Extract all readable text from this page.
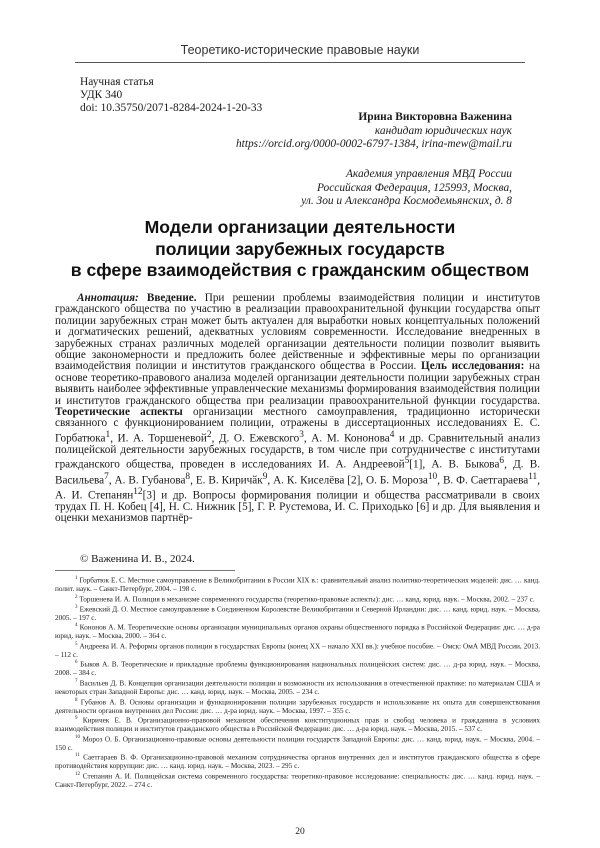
Теоретико-исторические правовые науки
Научная статья
УДК 340
doi: 10.35750/2071-8284-2024-1-20-33
Ирина Викторовна Важенина
кандидат юридических наук
https://orcid.org/0000-0002-6797-1384, irina-mew@mail.ru
Академия управления МВД России
Российская Федерация, 125993, Москва,
ул. Зои и Александра Космодемьянских, д. 8
Модели организации деятельности
полиции зарубежных государств
в сфере взаимодействия с гражданским обществом

Аннотация: Введение. При решении проблемы взаимодействия полиции и институтов гражданского общества по участию в реализации правоохранительной функции государства опыт полиции зарубежных стран может быть актуален для выработки новых концептуальных положений и догматических решений, адекватных условиям современности. Исследование внедренных в зарубежных странах различных моделей организации деятельности полиции позволит выявить общие закономерности и предложить более действенные и эффективные меры по организации взаимодействия полиции и институтов гражданского общества в России. Цель исследования: на основе теоретико-правового анализа моделей организации деятельности полиции зарубежных стран выявить наиболее эффективные управленческие механизмы формирования взаимодействия полиции и институтов гражданского общества при реализации правоохранительной функции государства. Теоретические аспекты организации местного самоуправления, традиционно исторически связанного с функционированием полиции, отражены в диссертационных исследованиях Е. С. Горбатюка$^1$, И. А. Торшеневой$^2$, Д. О. Ежевского$^3$, А. М. Кононова$^4$ и др. Сравнительный анализ полицейской деятельности зарубежных государств, в том числе при сотрудничестве с институтами гражданского общества, проведен в исследованиях И. А. Андреевой$^5$[1], А. В. Быкова$^6$, Д. В. Васильева$^7$, А. В. Губанова$^8$, Е. В. Киричӑк$^9$, А. К. Киселёва [2], О. Б. Мороза$^{10}$, В. Ф. Саетгараева$^{11}$, А. И. Степанян$^{12}$[3] и др. Вопросы формирования полиции и общества рассматривали в своих трудах П. Н. Кобец [4], Н. С. Нижник [5], Г. Р. Рустемова, И. С. Приходько [6] и др. Для выявления и оценки механизмов партнёр-

© Важенина И. В., 2024.

$^1$ Горбатюк Е. С. Местное самоуправление в Великобритании в России XIX в.: сравнительный анализ политико-теоретических моделей: дис. … канд. полит. наук. – Санкт-Петербург, 2004. – 198 с.

$^2$ Торшенева И. А. Полиция в механизме современного государства (теоретико-правовые аспекты): дис. … канд. юрид. наук. – Москва, 2002. – 237 с.

$^3$ Ежевский Д. О. Местное самоуправление в Соединенном Королевстве Великобритании и Северной Ирландии: дис. … канд. юрид. наук. – Москва, 2005. – 197 с.

$^4$ Кононов А. М. Теоретические основы организации муниципальных органов охраны общественного порядка в Российской Федерации: дис. … д-ра юрид. наук. – Москва, 2000. – 364 с.

$^5$ Андреева И. А. Реформы органов полиции в государствах Европы (конец XX – начало XXI вв.): учебное пособие. – Омск: ОмА МВД России, 2013. – 112 с.

$^6$ Быков А. В. Теоретические и прикладные проблемы функционирования национальных полицейских систем: дис. … д-ра юрид. наук. – Москва, 2008. – 384 с.

$^7$ Васильев Д. В. Концепция организации деятельности полиции и возможности их использования в отечественной практике: по материалам США и некоторых стран Западной Европы: дис. … канд. юрид. наук. – Москва, 2005. – 234 с.

$^8$ Губанов А. В. Основы организации и функционирования полиции зарубежных государств и использование их опыта для совершенствования деятельности органов внутренних дел России: дис. … д-ра юрид. наук. – Москва, 1997. – 355 с.

$^9$ Киричек Е. В. Организационно-правовой механизм обеспечения конституционных прав и свобод человека и гражданина в условиях взаимодействия полиции и институтов гражданского общества в Российской Федерации: дис. … д-ра юрид. наук. – Москва, 2015. – 537 с.

$^{10}$ Мороз О. Б. Организационно-правовые основы деятельности полиции государств Западной Европы: дис. … канд. юрид. наук. – Москва, 2004. – 150 с.

$^{11}$ Саетгараев В. Ф. Организационно-правовой механизм сотрудничества органов внутренних дел и институтов гражданского общества в сфере противодействия коррупции: дис. … канд. юрид. наук. – Москва, 2023. – 295 с.

$^{12}$ Степанян А. И. Полицейская система современного государства: теоретико-правовое исследование: специальность: дис. … канд. юрид. наук. – Санкт-Петербург, 2022. – 274 с.

20
